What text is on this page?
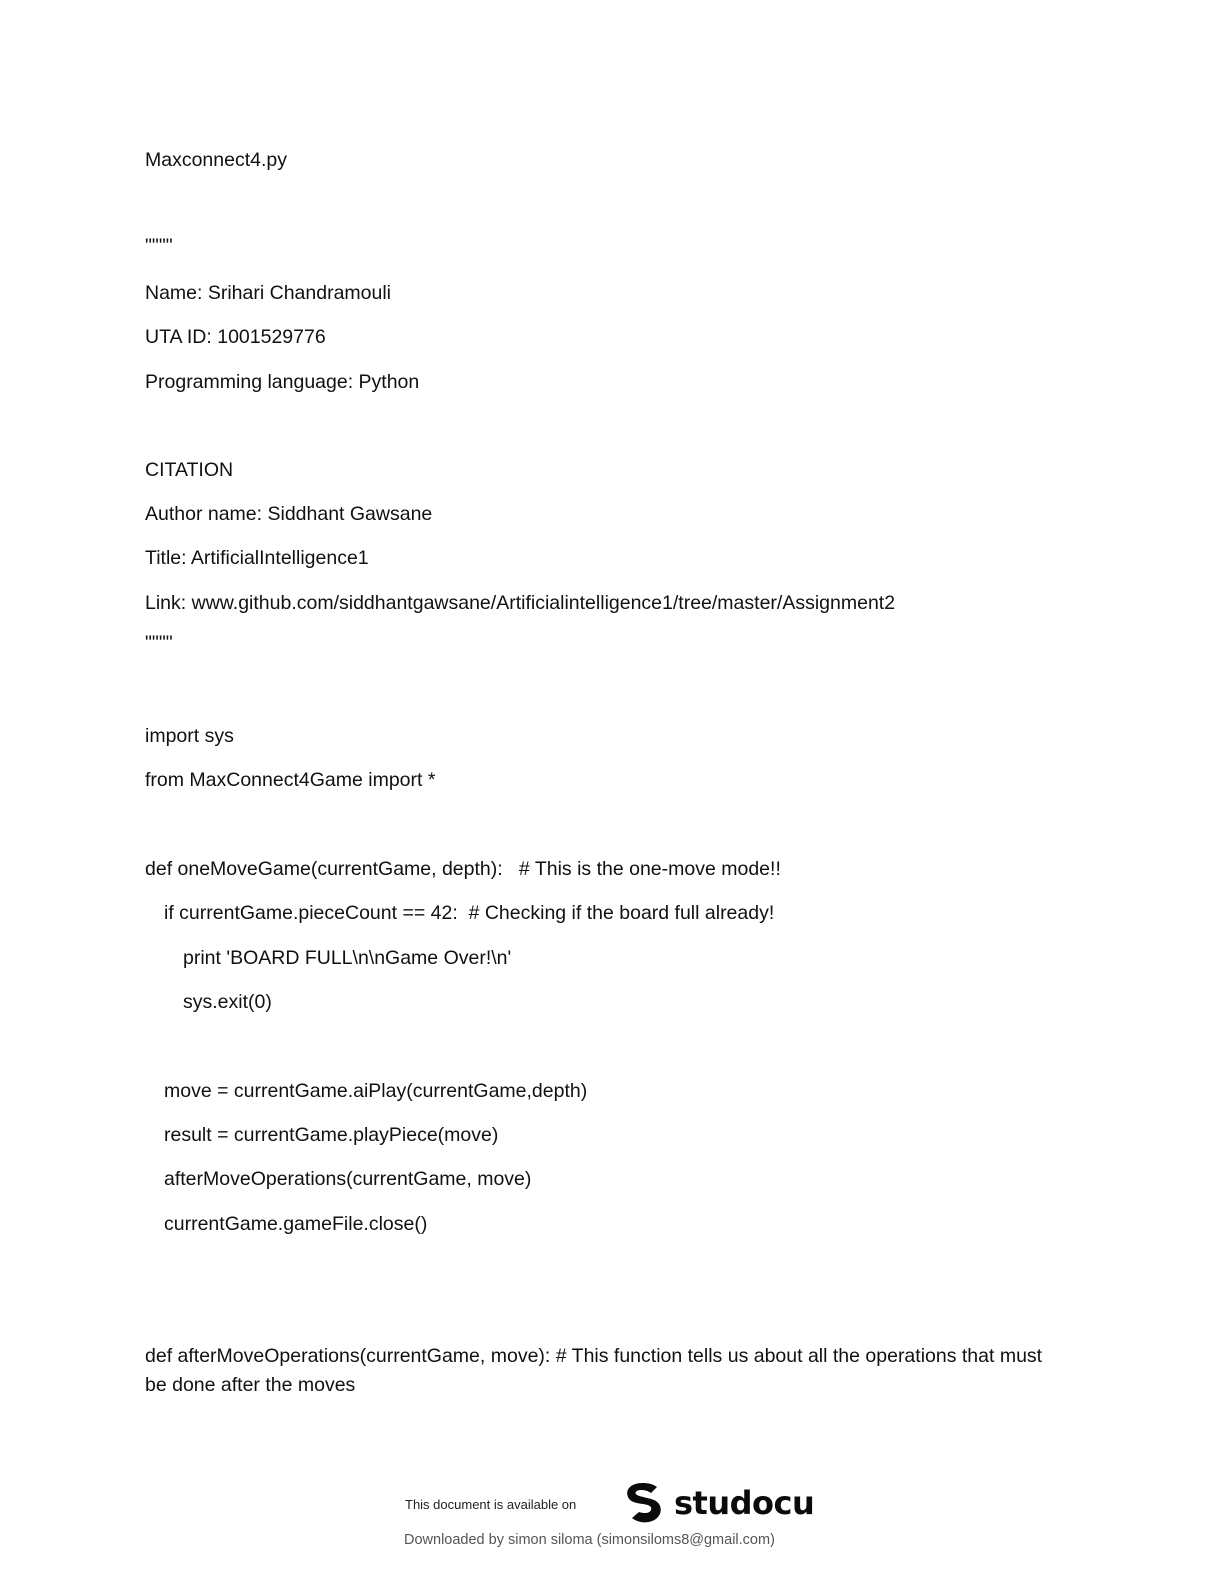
Maxconnect4.py
""""
Name: Srihari Chandramouli
UTA ID: 1001529776
Programming language: Python
CITATION
Author name: Siddhant Gawsane
Title: ArtificialIntelligence1
Link: www.github.com/siddhantgawsane/Artificialintelligence1/tree/master/Assignment2
""""
import sys
from MaxConnect4Game import *
def oneMoveGame(currentGame, depth):   # This is the one-move mode!!
if currentGame.pieceCount == 42:  # Checking if the board full already!
print 'BOARD FULL\n\nGame Over!\n'
sys.exit(0)
move = currentGame.aiPlay(currentGame,depth)
result = currentGame.playPiece(move)
afterMoveOperations(currentGame, move)
currentGame.gameFile.close()
def afterMoveOperations(currentGame, move): # This function tells us about all the operations that must be done after the moves
This document is available on	studocu
Downloaded by simon siloma (simonsiloms8@gmail.com)
